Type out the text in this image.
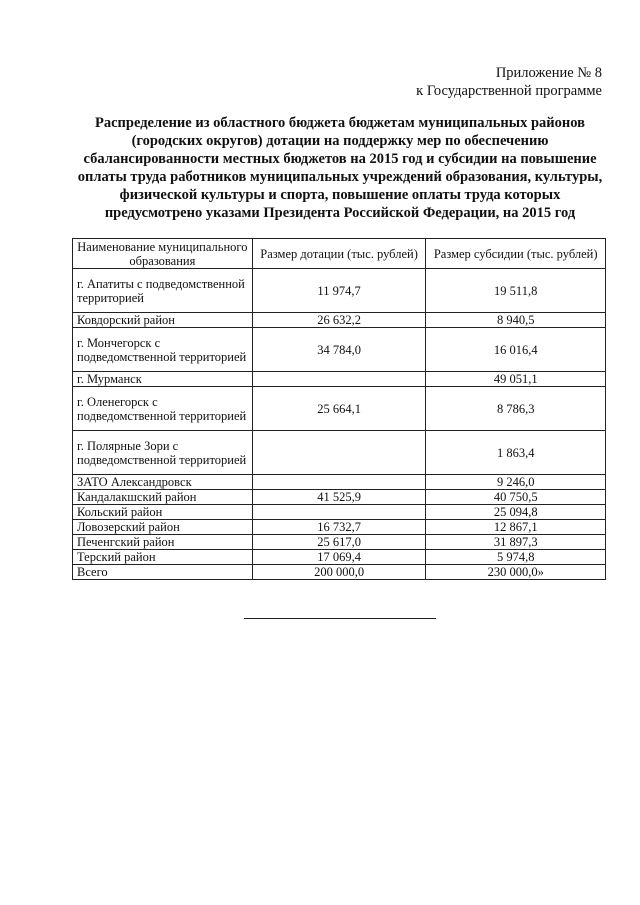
Приложение № 8
к Государственной программе
Распределение из областного бюджета бюджетам муниципальных районов (городских округов) дотации на поддержку мер по обеспечению сбалансированности местных бюджетов на 2015 год и субсидии на повышение оплаты труда работников муниципальных учреждений образования, культуры, физической культуры и спорта, повышение оплаты труда которых предусмотрено указами Президента Российской Федерации, на 2015 год
Наименование муниципального образования	Размер дотации (тыс. рублей)	Размер субсидии (тыс. рублей)
г. Апатиты с подведомственной территорией	11 974,7	19 511,8
Ковдорский район	26 632,2	8 940,5
г. Мончегорск с подведомственной территорией	34 784,0	16 016,4
г. Мурманск		49 051,1
г. Оленегорск с подведомственной территорией	25 664,1	8 786,3
г. Полярные Зори с подведомственной территорией		1 863,4
ЗАТО Александровск		9 246,0
Кандалакшский район	41 525,9	40 750,5
Кольский район		25 094,8
Ловозерский район	16 732,7	12 867,1
Печенгский район	25 617,0	31 897,3
Терский район	17 069,4	5 974,8
Всего	200 000,0	230 000,0»
